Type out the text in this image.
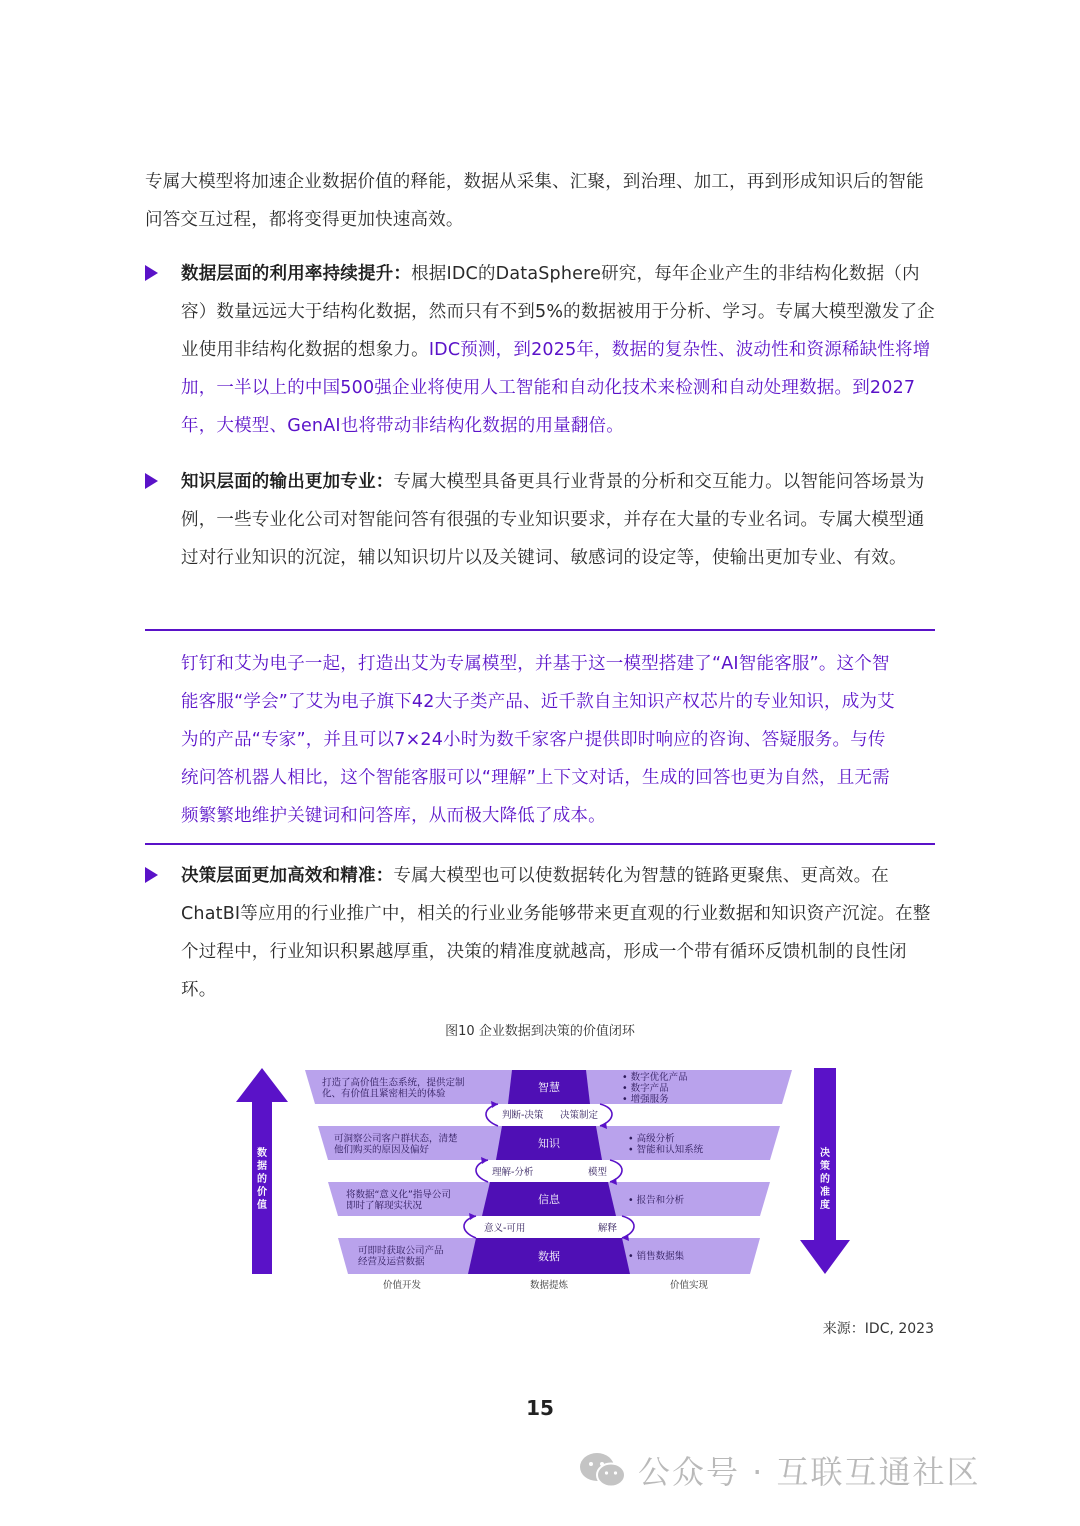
专属大模型将加速企业数据价值的释能，数据从采集、汇聚，到治理、加工，再到形成知识后的智能问答交互过程，都将变得更加快速高效。

数据层面的利用率持续提升：根据IDC的DataSphere研究，每年企业产生的非结构化数据（内容）数量远远大于结构化数据，然而只有不到5%的数据被用于分析、学习。专属大模型激发了企业使用非结构化数据的想象力。IDC预测，到2025年，数据的复杂性、波动性和资源稀缺性将增加，一半以上的中国500强企业将使用人工智能和自动化技术来检测和自动处理数据。到2027 年，大模型、GenAI也将带动非结构化数据的用量翻倍。

知识层面的输出更加专业：专属大模型具备更具行业背景的分析和交互能力。以智能问答场景为例，一些专业化公司对智能问答有很强的专业知识要求，并存在大量的专业名词。专属大模型通过对行业知识的沉淀，辅以知识切片以及关键词、敏感词的设定等，使输出更加专业、有效。

钉钉和艾为电子一起，打造出艾为专属模型，并基于这一模型搭建了“AI智能客服”。这个智能客服“学会”了艾为电子旗下42大子类产品、近千款自主知识产权芯片的专业知识，成为艾为的产品“专家”，并且可以7×24小时为数千家客户提供即时响应的咨询、答疑服务。与传统问答机器人相比，这个智能客服可以“理解”上下文对话，生成的回答也更为自然，且无需频繁繁地维护关键词和问答库，从而极大降低了成本。

决策层面更加高效和精准：专属大模型也可以使数据转化为智慧的链路更聚焦、更高效。在ChatBI等应用的行业推广中，相关的行业业务能够带来更直观的行业数据和知识资产沉淀。在整个过程中，行业知识积累越厚重，决策的精准度就越高，形成一个带有循环反馈机制的良性闭环。

图10 企业数据到决策的价值闭环
数据的价值
决策的准度
智慧
知识
信息
数据
打造了高价值生态系统，提供定制化、有价值且紧密相关的体验
可洞察公司客户群状态，清楚他们购买的原因及偏好
将数据“意义化”指导公司即时了解现实状况
可即时获取公司产品经营及运营数据
• 数字优化产品• 数字产品• 增强服务
• 高级分析• 智能和认知系统
• 报告和分析
• 销售数据集
判断-决策 决策制定
理解-分析	模型
意义-可用	解释
价值开发	数据提炼	价值实现
来源：IDC, 2023
15
公众号 · 互联互通社区
